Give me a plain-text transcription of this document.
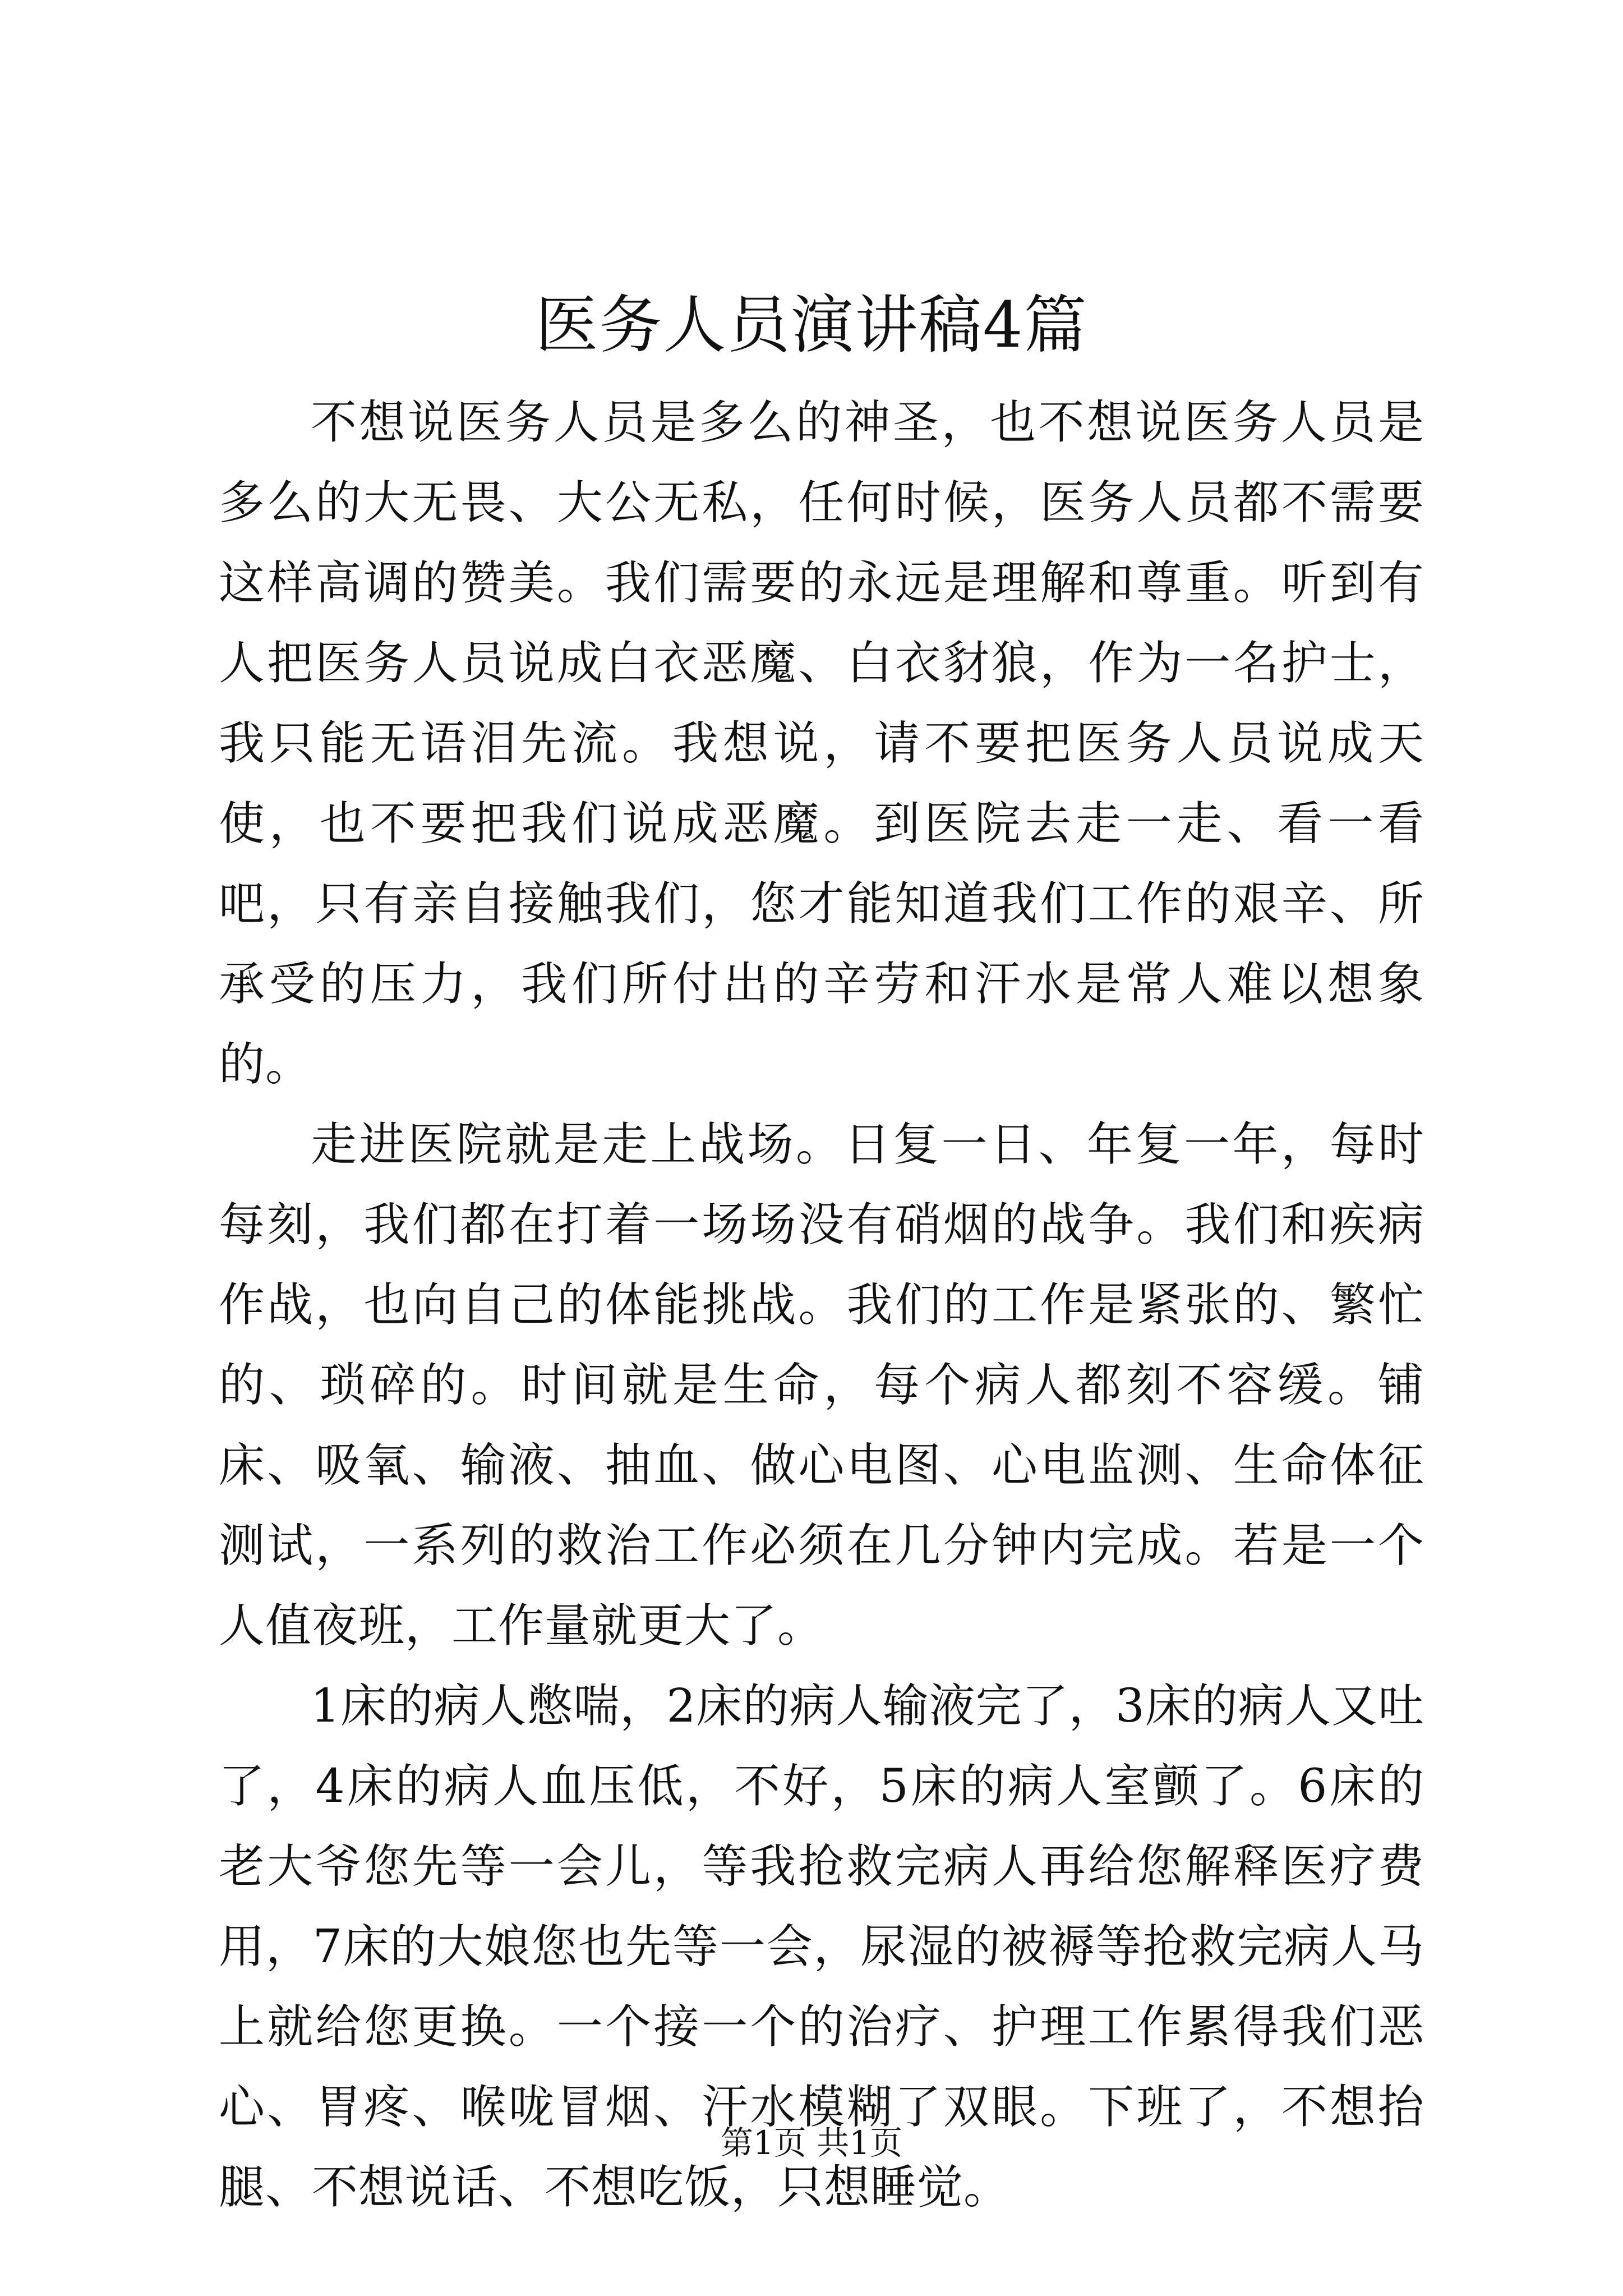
医务人员演讲稿4篇

不想说医务人员是多么的神圣，也不想说医务人员是多么的大无畏、大公无私，任何时候，医务人员都不需要这样高调的赞美。我们需要的永远是理解和尊重。听到有人把医务人员说成白衣恶魔、白衣豺狼，作为一名护士，我只能无语泪先流。我想说，请不要把医务人员说成天使，也不要把我们说成恶魔。到医院去走一走、看一看吧，只有亲自接触我们，您才能知道我们工作的艰辛、所承受的压力，我们所付出的辛劳和汗水是常人难以想象的。

走进医院就是走上战场。日复一日、年复一年，每时每刻，我们都在打着一场场没有硝烟的战争。我们和疾病作战，也向自己的体能挑战。我们的工作是紧张的、繁忙的、琐碎的。时间就是生命，每个病人都刻不容缓。铺床、吸氧、输液、抽血、做心电图、心电监测、生命体征测试，一系列的救治工作必须在几分钟内完成。若是一个人值夜班，工作量就更大了。

1床的病人憋喘，2床的病人输液完了，3床的病人又吐了，4床的病人血压低，不好，5床的病人室颤了。6床的老大爷您先等一会儿，等我抢救完病人再给您解释医疗费用，7床的大娘您也先等一会，尿湿的被褥等抢救完病人马上就给您更换。一个接一个的治疗、护理工作累得我们恶心、胃疼、喉咙冒烟、汗水模糊了双眼。下班了，不想抬腿、不想说话、不想吃饭，只想睡觉。

第1页 共1页
